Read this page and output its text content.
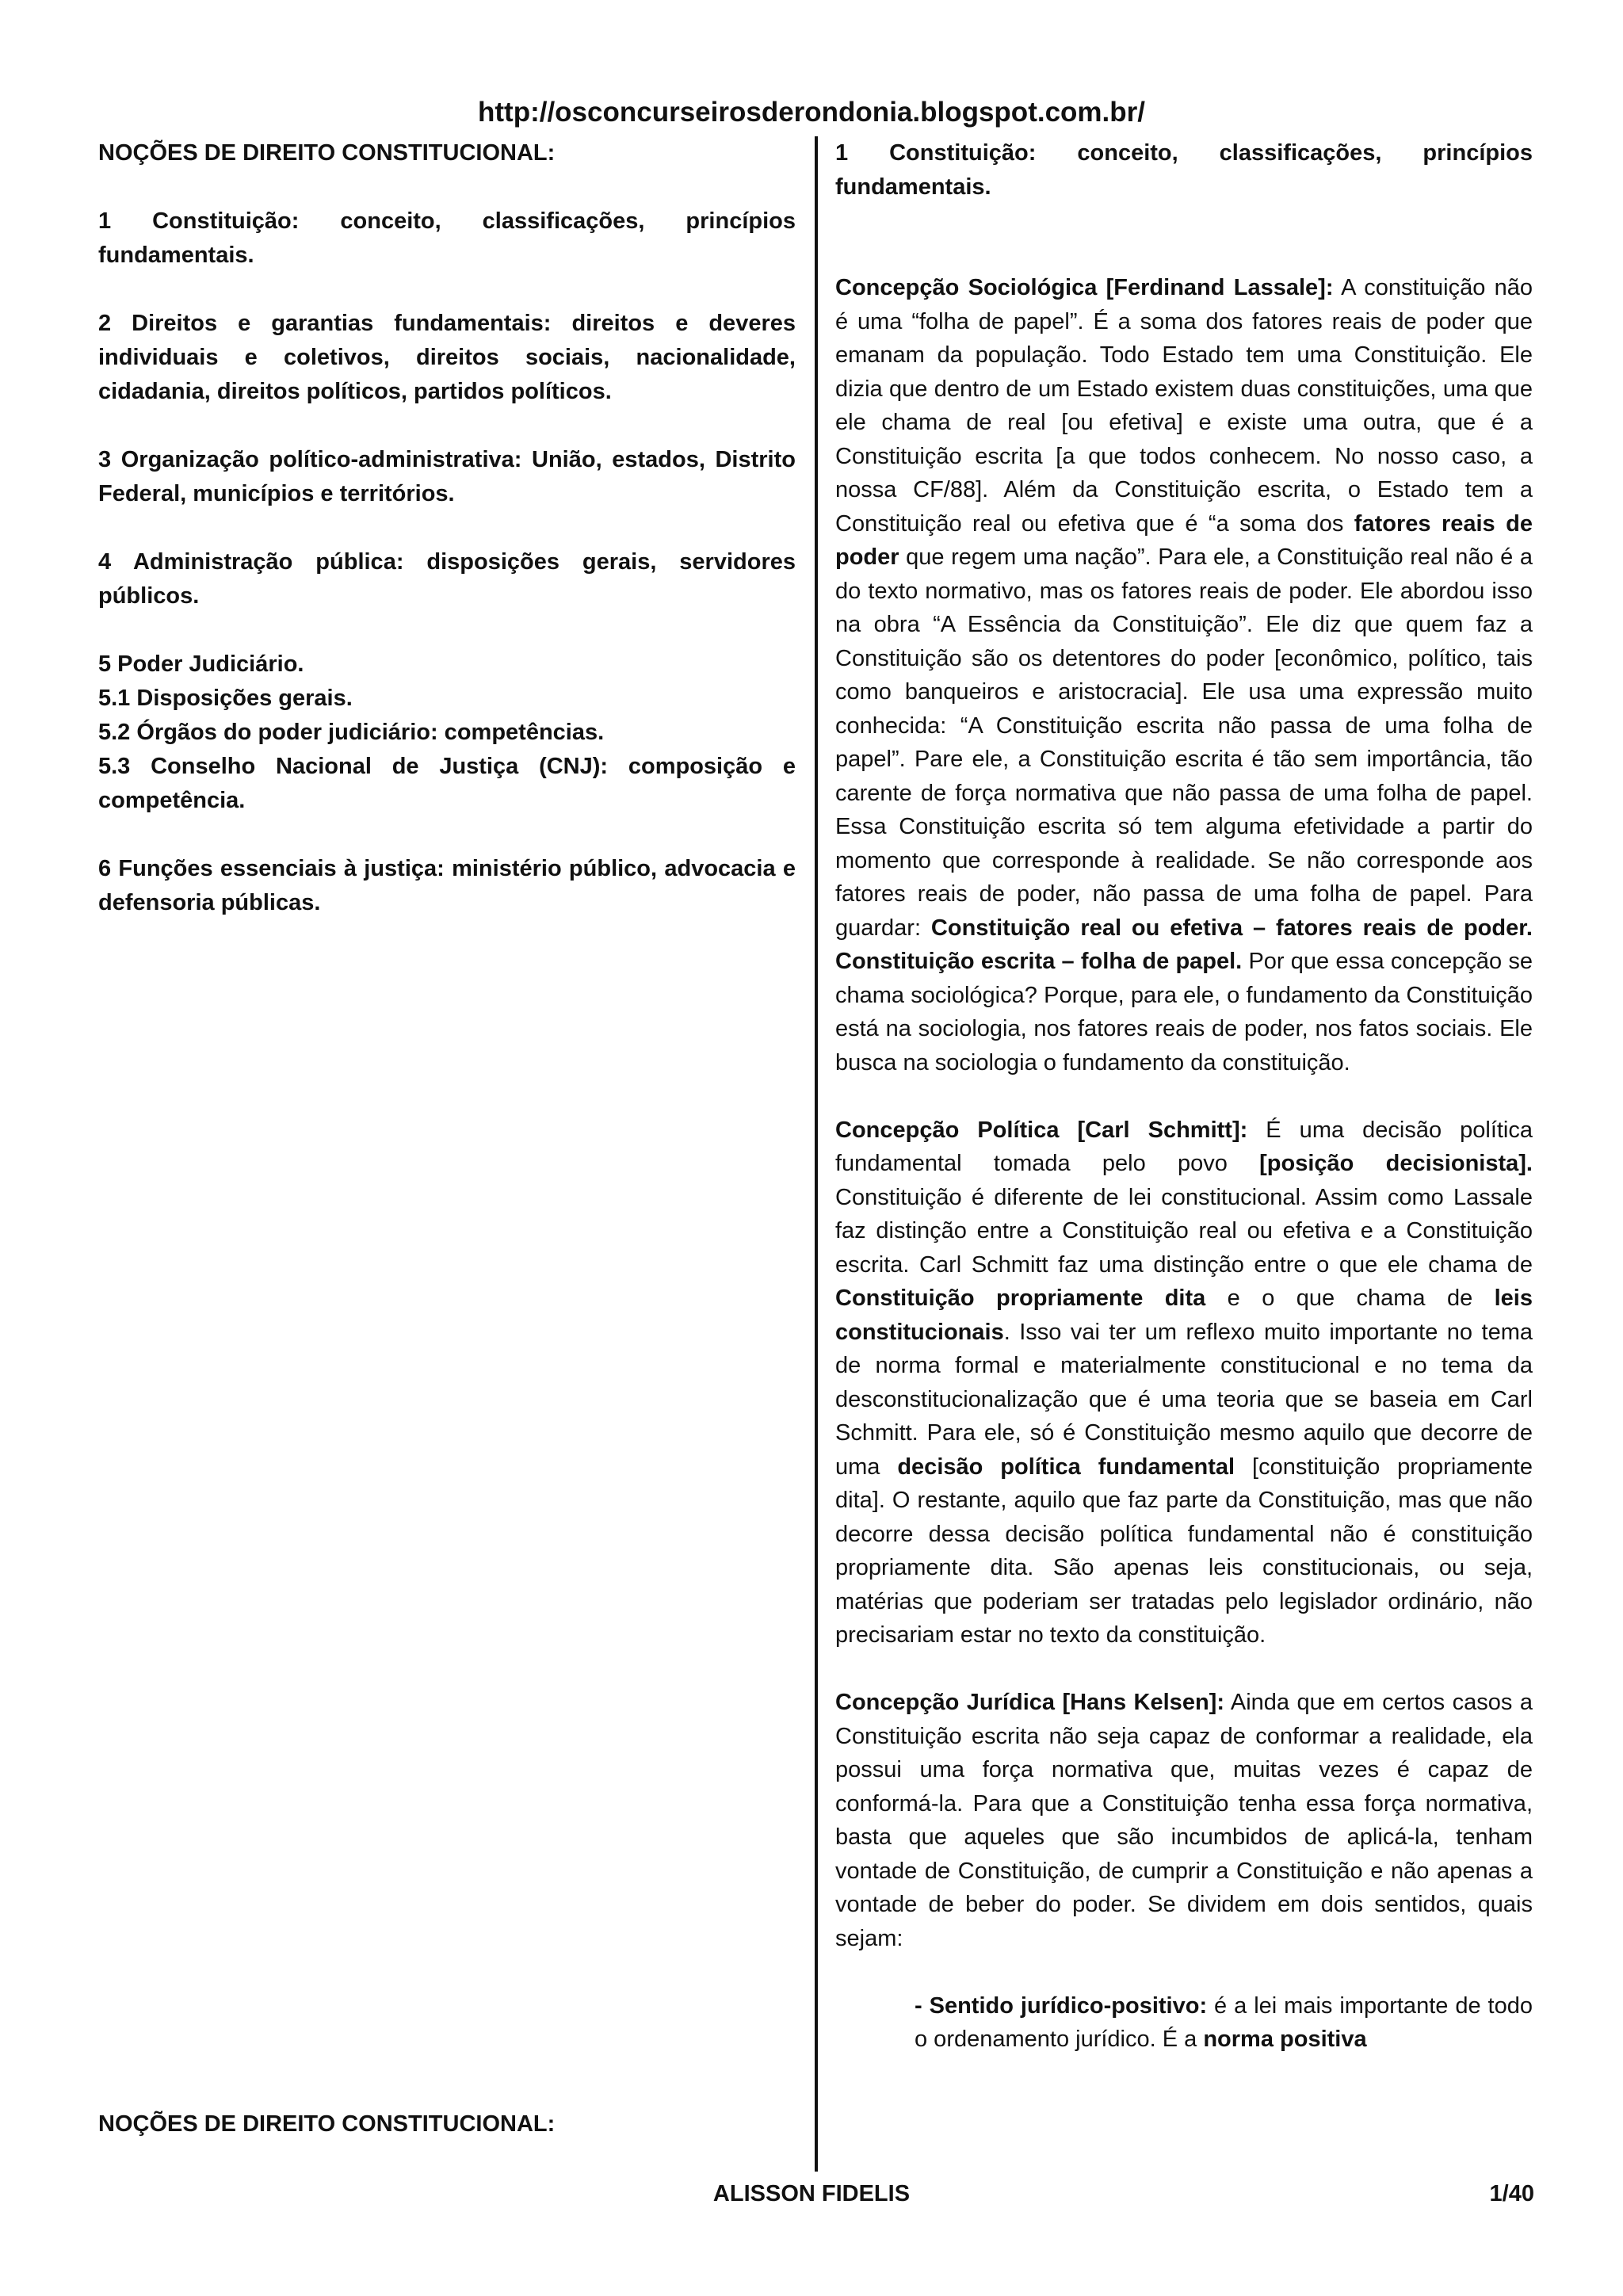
http://osconcurseirosderondonia.blogspot.com.br/

NOÇÕES DE DIREITO CONSTITUCIONAL:

1 Constituição: conceito, classificações, princípios fundamentais.

2 Direitos e garantias fundamentais: direitos e deveres individuais e coletivos, direitos sociais, nacionalidade, cidadania, direitos políticos, partidos políticos.

3 Organização político-administrativa: União, estados, Distrito Federal, municípios e territórios.

4 Administração pública: disposições gerais, servidores públicos.

5 Poder Judiciário.

5.1 Disposições gerais.

5.2 Órgãos do poder judiciário: competências.

5.3 Conselho Nacional de Justiça (CNJ): composição e competência.

6 Funções essenciais à justiça: ministério público, advocacia e defensoria públicas.

1 Constituição: conceito, classificações, princípios fundamentais.

Concepção Sociológica [Ferdinand Lassale]: A constituição não é uma “folha de papel”. É a soma dos fatores reais de poder que emanam da população. Todo Estado tem uma Constituição. Ele dizia que dentro de um Estado existem duas constituições, uma que ele chama de real [ou efetiva] e existe uma outra, que é a Constituição escrita [a que todos conhecem. No nosso caso, a nossa CF/88]. Além da Constituição escrita, o Estado tem a Constituição real ou efetiva que é “a soma dos fatores reais de poder que regem uma nação”. Para ele, a Constituição real não é a do texto normativo, mas os fatores reais de poder. Ele abordou isso na obra “A Essência da Constituição”. Ele diz que quem faz a Constituição são os detentores do poder [econômico, político, tais como banqueiros e aristocracia]. Ele usa uma expressão muito conhecida: “A Constituição escrita não passa de uma folha de papel”. Pare ele, a Constituição escrita é tão sem importância, tão carente de força normativa que não passa de uma folha de papel. Essa Constituição escrita só tem alguma efetividade a partir do momento que corresponde à realidade. Se não corresponde aos fatores reais de poder, não passa de uma folha de papel. Para guardar: Constituição real ou efetiva – fatores reais de poder. Constituição escrita – folha de papel. Por que essa concepção se chama sociológica? Porque, para ele, o fundamento da Constituição está na sociologia, nos fatores reais de poder, nos fatos sociais. Ele busca na sociologia o fundamento da constituição.

Concepção Política [Carl Schmitt]: É uma decisão política fundamental tomada pelo povo [posição decisionista]. Constituição é diferente de lei constitucional. Assim como Lassale faz distinção entre a Constituição real ou efetiva e a Constituição escrita. Carl Schmitt faz uma distinção entre o que ele chama de Constituição propriamente dita e o que chama de leis constitucionais. Isso vai ter um reflexo muito importante no tema de norma formal e materialmente constitucional e no tema da desconstitucionalização que é uma teoria que se baseia em Carl Schmitt. Para ele, só é Constituição mesmo aquilo que decorre de uma decisão política fundamental [constituição propriamente dita]. O restante, aquilo que faz parte da Constituição, mas que não decorre dessa decisão política fundamental não é constituição propriamente dita. São apenas leis constitucionais, ou seja, matérias que poderiam ser tratadas pelo legislador ordinário, não precisariam estar no texto da constituição.

Concepção Jurídica [Hans Kelsen]: Ainda que em certos casos a Constituição escrita não seja capaz de conformar a realidade, ela possui uma força normativa que, muitas vezes é capaz de conformá-la. Para que a Constituição tenha essa força normativa, basta que aqueles que são incumbidos de aplicá-la, tenham vontade de Constituição, de cumprir a Constituição e não apenas a vontade de beber do poder. Se dividem em dois sentidos, quais sejam:

- Sentido jurídico-positivo: é a lei mais importante de todo o ordenamento jurídico. É a norma positiva

NOÇÕES DE DIREITO CONSTITUCIONAL:
ALISSON FIDELIS	1/40
